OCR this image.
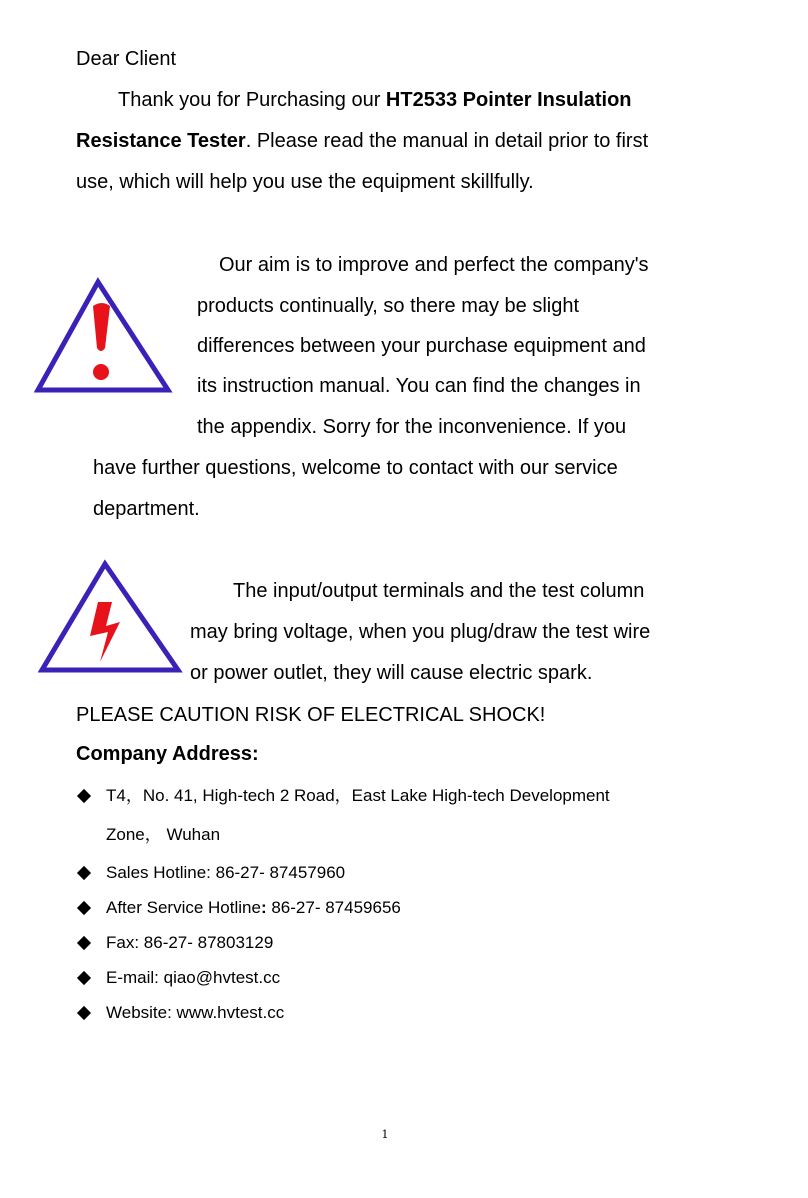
Dear Client
Thank you for Purchasing our HT2533 Pointer Insulation
Resistance Tester. Please read the manual in detail prior to first
use, which will help you use the equipment skillfully.
Our aim is to improve and perfect the company's
products continually, so there may be slight
differences between your purchase equipment and
its instruction manual. You can find the changes in
the appendix. Sorry for the inconvenience. If you
have further questions, welcome to contact with our service
department.
The input/output terminals and the test column
may bring voltage, when you plug/draw the test wire
or power outlet, they will cause electric spark.
PLEASE CAUTION RISK OF ELECTRICAL SHOCK!
Company Address:
T4，No. 41, High-tech 2 Road，East Lake High-tech Development
Zone， Wuhan
Sales Hotline: 86-27- 87457960
After Service Hotline: 86-27- 87459656
Fax: 86-27- 87803129
E-mail: qiao@hvtest.cc
Website: www.hvtest.cc
1
